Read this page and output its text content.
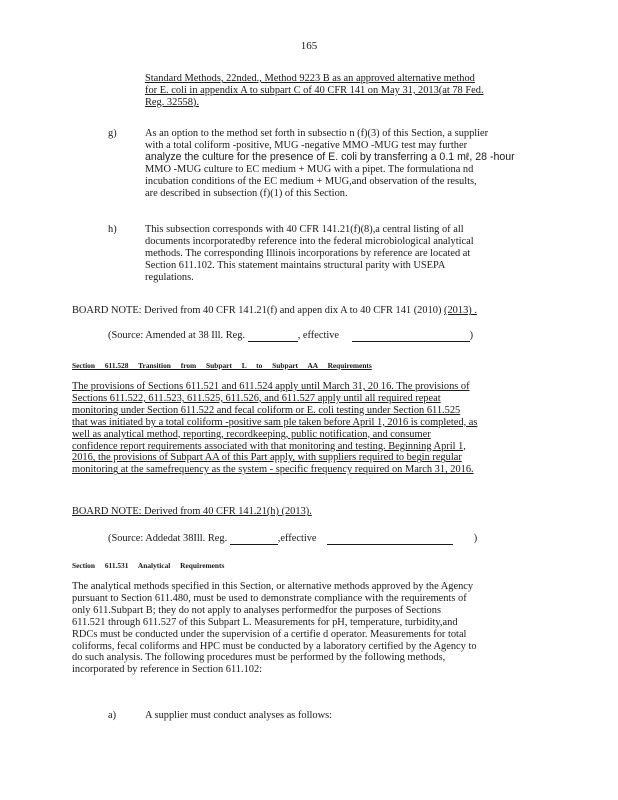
165
Standard Methods, 22nded., Method 9223 B as an approved alternative method
for E. coli in appendix A to subpart C of 40 CFR 141 on May 31, 2013(at 78 Fed.
Reg. 32558).
g)	As an option to the method set forth in subsectio n (f)(3) of this Section, a supplier
with a total coliform -positive, MUG -negative MMO -MUG test may further
analyze the culture for the presence of E. coli by transferring a 0.1 mℓ, 28 -hour
MMO -MUG culture to EC medium + MUG with a pipet. The formulationa nd
incubation conditions of the EC medium + MUG,and observation of the results,
are described in subsection (f)(1) of this Section.
h)	This subsection corresponds with 40 CFR 141.21(f)(8),a central listing of all
documents incorporatedby reference into the federal microbiological analytical
methods. The corresponding Illinois incorporations by reference are located at
Section 611.102. This statement maintains structural parity with USEPA
regulations.
BOARD NOTE: Derived from 40 CFR 141.21(f) and appen dix A to 40 CFR 141 (2010) (2013) .
(Source: Amended at 38 Ill. Reg.	, effective	)
Section 611.528 Transition from Subpart L to Subpart AA Requirements
The provisions of Sections 611.521 and 611.524 apply until March 31, 20 16. The provisions of
Sections 611.522, 611.523, 611.525, 611.526, and 611.527 apply until all required repeat
monitoring under Section 611.522 and fecal coliform or E. coli testing under Section 611.525
that was initiated by a total coliform -positive sam ple taken before April 1, 2016 is completed, as
well as analytical method, reporting, recordkeeping, public notification, and consumer
confidence report requirements associated with that monitoring and testing. Beginning April 1,
2016, the provisions of Subpart AA of this Part apply, with suppliers required to begin regular
monitoring at the samefrequency as the system - specific frequency required on March 31, 2016.
BOARD NOTE: Derived from 40 CFR 141.21(h) (2013).
(Source: Addedat 38Ill. Reg.	,effective	)
Section 611.531 Analytical Requirements
The analytical methods specified in this Section, or alternative methods approved by the Agency
pursuant to Section 611.480, must be used to demonstrate compliance with the requirements of
only 611.Subpart B; they do not apply to analyses performedfor the purposes of Sections
611.521 through 611.527 of this Subpart L. Measurements for pH, temperature, turbidity,and
RDCs must be conducted under the supervision of a certifie d operator. Measurements for total
coliforms, fecal coliforms and HPC must be conducted by a laboratory certified by the Agency to
do such analysis. The following procedures must be performed by the following methods,
incorporated by reference in Section 611.102:
a)	A supplier must conduct analyses as follows:
